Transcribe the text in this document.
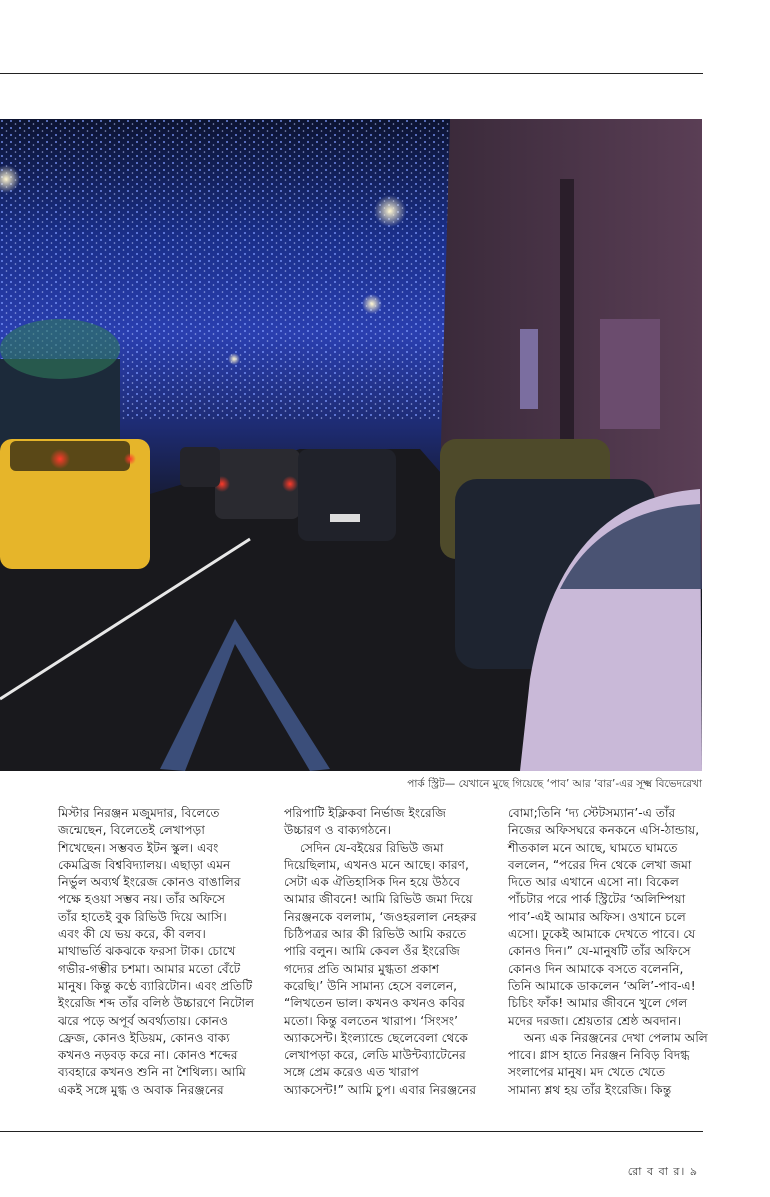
পার্ক স্ট্রিট— যেখানে মুছে গিয়েছে ‘পাব’ আর ‘বার’-এর সূক্ষ্ম বিভেদরেখা
মিস্টার নিরঞ্জন মজুমদার, বিলেতে
জন্মেছেন, বিলেতেই লেখাপড়া
শিখেছেন। সম্ভবত ইটন স্কুল। এবং
কেমব্রিজ বিশ্ববিদ্যালয়। এছাড়া এমন
নির্ভুল অব্যর্থ ইংরেজ কোনও বাঙালির
পক্ষে হওয়া সম্ভব নয়। তাঁর অফিসে
তাঁর হাতেই বুক রিভিউ দিয়ে আসি।
এবং কী যে ভয় করে, কী বলব।
মাথাভর্তি ঝকঝকে ফরসা টাক। চোখে
গভীর-গম্ভীর চশমা। আমার মতো বেঁটে
মানুষ। কিন্তু কণ্ঠে ব্যারিটোন। এবং প্রতিটি
ইংরেজি শব্দ তাঁর বলিষ্ঠ উচ্চারণে নিটোল
ঝরে পড়ে অপূর্ব অবর্থ্যতায়। কোনও
ফ্রেজ, কোনও ইডিয়ম, কোনও বাক্য
কখনও নড়বড় করে না। কোনও শব্দের
ব্যবহারে কখনও শুনি না শৈথিল্য। আমি
একই সঙ্গে মুগ্ধ ও অবাক নিরঞ্জনের
পরিপাটি ইক্লিকবা নির্ভাজ ইংরেজি
উচ্চারণ ও বাক্যগঠনে।
সেদিন যে-বইয়ের রিভিউ জমা
দিয়েছিলাম, এখনও মনে আছে। কারণ,
সেটা এক ঐতিহাসিক দিন হয়ে উঠবে
আমার জীবনে! আমি রিভিউ জমা দিয়ে
নিরঞ্জনকে বললাম, ‘জওহরলাল নেহরুর
চিঠিপত্রর আর কী রিভিউ আমি করতে
পারি বলুন। আমি কেবল ওঁর ইংরেজি
গদ্যের প্রতি আমার মুগ্ধতা প্রকাশ
করেছি।’ উনি সামান্য হেসে বললেন,
“লিখতেন ভাল। কখনও কখনও কবির
মতো। কিন্তু বলতেন খারাপ। ‘সিংসং’
অ্যাকসেন্ট। ইংল্যান্ডে ছেলেবেলা থেকে
লেখাপড়া করে, লেডি মাউন্টব্যাটেনের
সঙ্গে প্রেম করেও এত খারাপ
অ্যাকসেন্ট!” আমি চুপ। এবার নিরঞ্জনের
বোমা;তিনি ‘দ্য স্টেটসম্যান’-এ তাঁর
নিজের অফিসঘরে কনকনে এসি-ঠান্ডায়,
শীতকাল মনে আছে, ঘামতে ঘামতে
বললেন, “পরের দিন থেকে লেখা জমা
দিতে আর এখানে এসো না। বিকেল
পাঁচটার পরে পার্ক স্ট্রিটের ‘অলিম্পিয়া
পাব’-এই আমার অফিস। ওখানে চলে
এসো। ঢুকেই আমাকে দেখতে পাবে। যে
কোনও দিন।” যে-মানুষটি তাঁর অফিসে
কোনও দিন আমাকে বসতে বলেননি,
তিনি আমাকে ডাকলেন ‘অলি’-পাব-এ!
চিচিং ফাঁক! আমার জীবনে খুলে গেল
মদের দরজা। শ্রেয়তার শ্রেষ্ঠ অবদান।
অন্য এক নিরঞ্জনের দেখা পেলাম অলি
পাবে। গ্লাস হাতে নিরঞ্জন নিবিড় বিদগ্ধ
সংলাপের মানুষ। মদ খেতে খেতে
সামান্য শ্লথ হয় তাঁর ইংরেজি। কিন্তু
রো ব বা র। ৯
